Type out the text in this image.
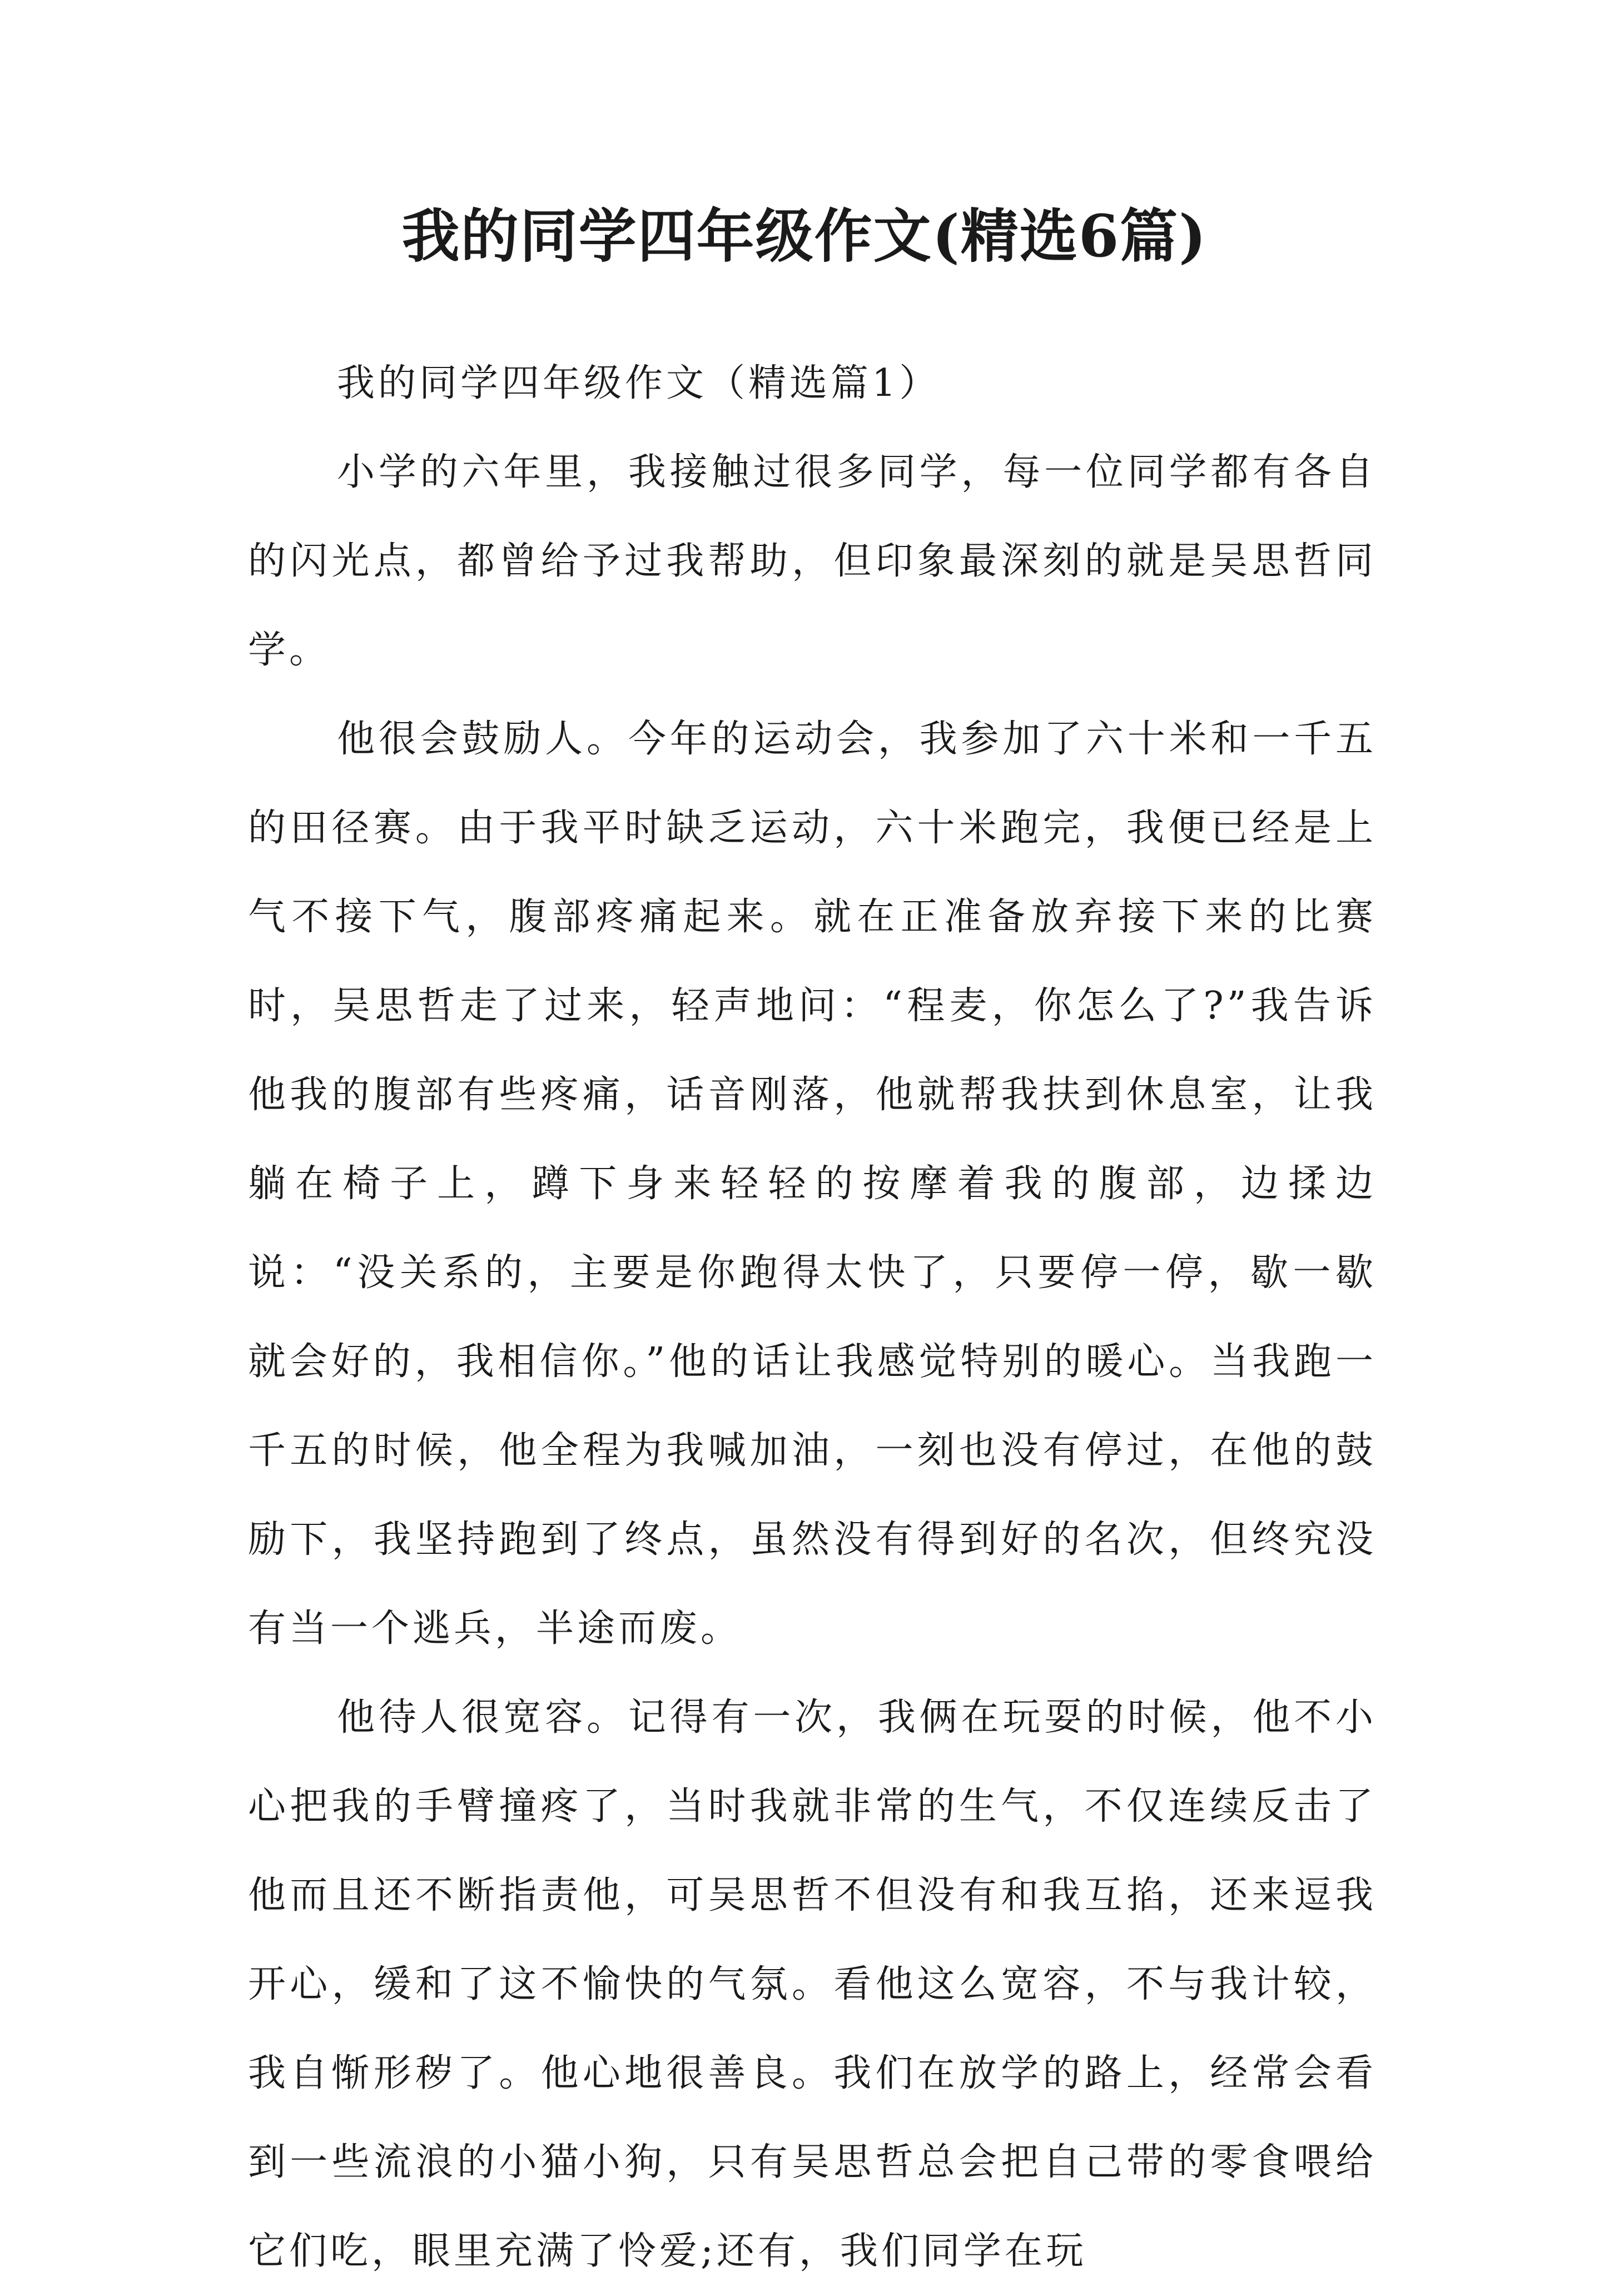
我的同学四年级作文(精选6篇)

我的同学四年级作文（精选篇1）

小学的六年里，我接触过很多同学，每一位同学都有各自的闪光点，都曾给予过我帮助，但印象最深刻的就是吴思哲同学。

他很会鼓励人。今年的运动会，我参加了六十米和一千五的田径赛。由于我平时缺乏运动，六十米跑完，我便已经是上气不接下气，腹部疼痛起来。就在正准备放弃接下来的比赛时，吴思哲走了过来，轻声地问：“程麦，你怎么了?”我告诉他我的腹部有些疼痛，话音刚落，他就帮我扶到休息室，让我躺在椅子上，蹲下身来轻轻的按摩着我的腹部，边揉边说：“没关系的，主要是你跑得太快了，只要停一停，歇一歇就会好的，我相信你。”他的话让我感觉特别的暖心。当我跑一千五的时候，他全程为我喊加油，一刻也没有停过，在他的鼓励下，我坚持跑到了终点，虽然没有得到好的名次，但终究没有当一个逃兵，半途而废。

他待人很宽容。记得有一次，我俩在玩耍的时候，他不小心把我的手臂撞疼了，当时我就非常的生气，不仅连续反击了他而且还不断指责他，可吴思哲不但没有和我互掐，还来逗我开心，缓和了这不愉快的气氛。看他这么宽容，不与我计较，我自惭形秽了。他心地很善良。我们在放学的路上，经常会看到一些流浪的小猫小狗，只有吴思哲总会把自己带的零食喂给它们吃，眼里充满了怜爱;还有，我们同学在玩
